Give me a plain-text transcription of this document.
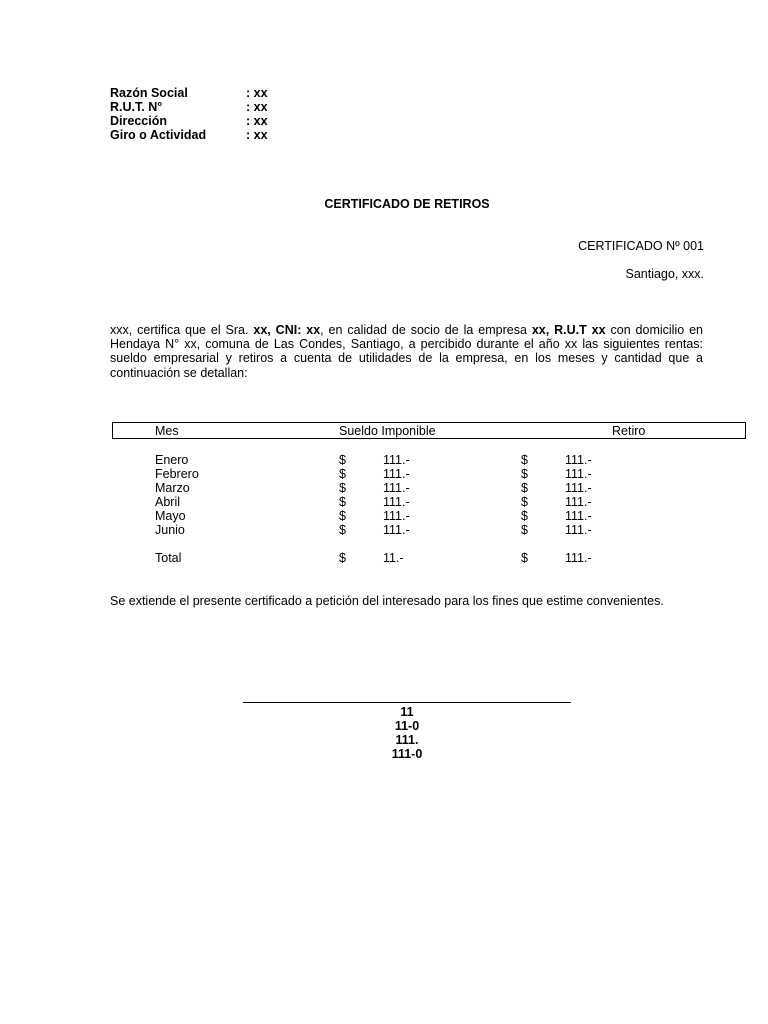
Razón Social	: xx
R.U.T. N°	: xx
Dirección	: xx
Giro o Actividad	: xx
CERTIFICADO DE RETIROS
CERTIFICADO Nº 001
Santiago, xxx.
xxx, certifica que el Sra. xx, CNI: xx, en calidad de socio de la empresa xx, R.U.T xx con domicilio en Hendaya N° xx, comuna de Las Condes, Santiago, a percibido durante el año xx las siguientes rentas: sueldo empresarial y retiros a cuenta de utilidades de la empresa, en los meses y cantidad que a continuación se detallan:
Mes	Sueldo Imponible	Retiro
Enero	$	111.-	$	111.-
Febrero	$	111.-	$	111.-
Marzo	$	111.-	$	111.-
Abril	$	111.-	$	111.-
Mayo	$	111.-	$	111.-
Junio	$	111.-	$	111.-
Total	$	11.-	$	111.-
Se extiende el presente certificado a petición del interesado para los fines que estime convenientes.
11
11-0
111.
111-0
